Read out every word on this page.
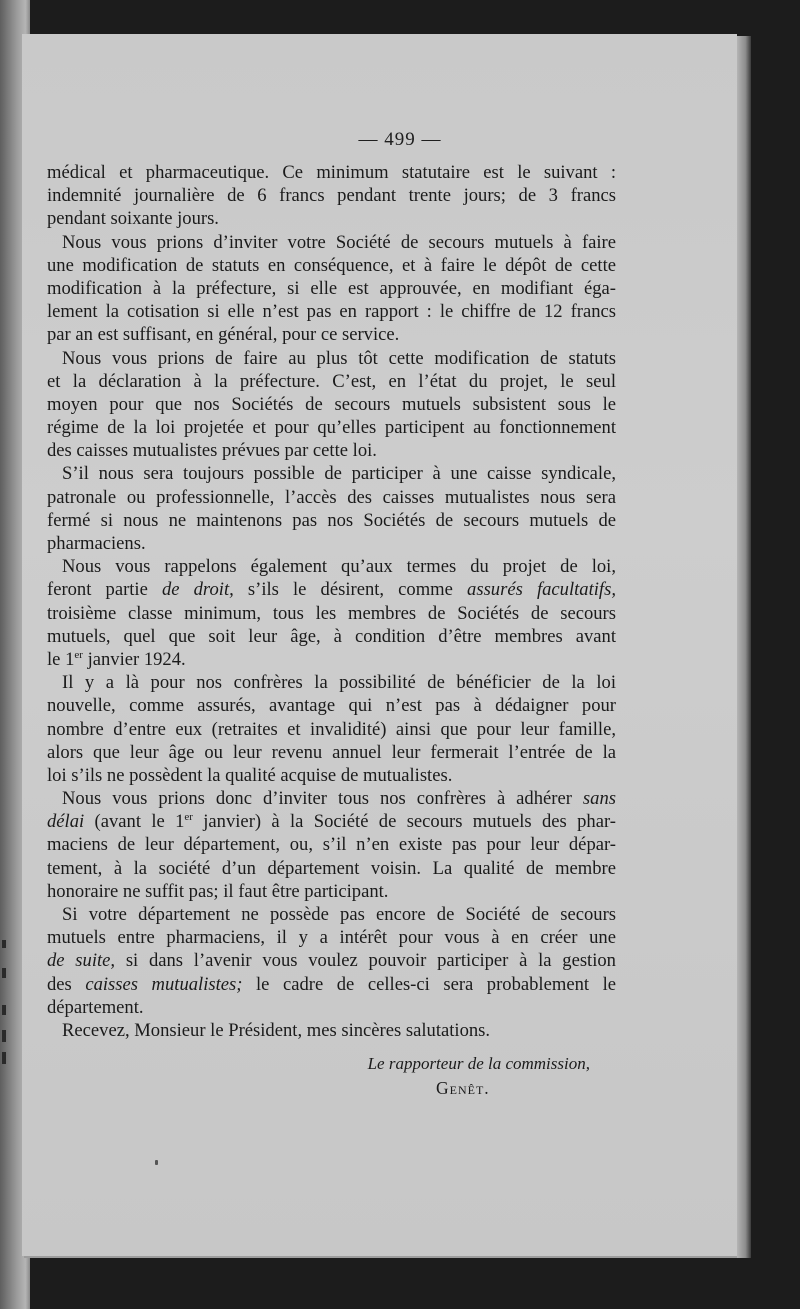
— 499 —
médical et pharmaceutique. Ce minimum statutaire est le suivant :
indemnité journalière de 6 francs pendant trente jours; de 3 francs
pendant soixante jours.
Nous vous prions d’inviter votre Société de secours mutuels à faire
une modification de statuts en conséquence, et à faire le dépôt de cette
modification à la préfecture, si elle est approuvée, en modifiant éga-
lement la cotisation si elle n’est pas en rapport : le chiffre de 12 francs
par an est suffisant, en général, pour ce service.
Nous vous prions de faire au plus tôt cette modification de statuts
et la déclaration à la préfecture. C’est, en l’état du projet, le seul
moyen pour que nos Sociétés de secours mutuels subsistent sous le
régime de la loi projetée et pour qu’elles participent au fonctionnement
des caisses mutualistes prévues par cette loi.
S’il nous sera toujours possible de participer à une caisse syndicale,
patronale ou professionnelle, l’accès des caisses mutualistes nous sera
fermé si nous ne maintenons pas nos Sociétés de secours mutuels de
pharmaciens.
Nous vous rappelons également qu’aux termes du projet de loi,
feront partie de droit, s’ils le désirent, comme assurés facultatifs,
troisième classe minimum, tous les membres de Sociétés de secours
mutuels, quel que soit leur âge, à condition d’être membres avant
le 1er janvier 1924.
Il y a là pour nos confrères la possibilité de bénéficier de la loi
nouvelle, comme assurés, avantage qui n’est pas à dédaigner pour
nombre d’entre eux (retraites et invalidité) ainsi que pour leur famille,
alors que leur âge ou leur revenu annuel leur fermerait l’entrée de la
loi s’ils ne possèdent la qualité acquise de mutualistes.
Nous vous prions donc d’inviter tous nos confrères à adhérer sans
délai (avant le 1er janvier) à la Société de secours mutuels des phar-
maciens de leur département, ou, s’il n’en existe pas pour leur dépar-
tement, à la société d’un département voisin. La qualité de membre
honoraire ne suffit pas; il faut être participant.
Si votre département ne possède pas encore de Société de secours
mutuels entre pharmaciens, il y a intérêt pour vous à en créer une
de suite, si dans l’avenir vous voulez pouvoir participer à la gestion
des caisses mutualistes; le cadre de celles-ci sera probablement le
département.
Recevez, Monsieur le Président, mes sincères salutations.
Le rapporteur de la commission,
Genêt.
